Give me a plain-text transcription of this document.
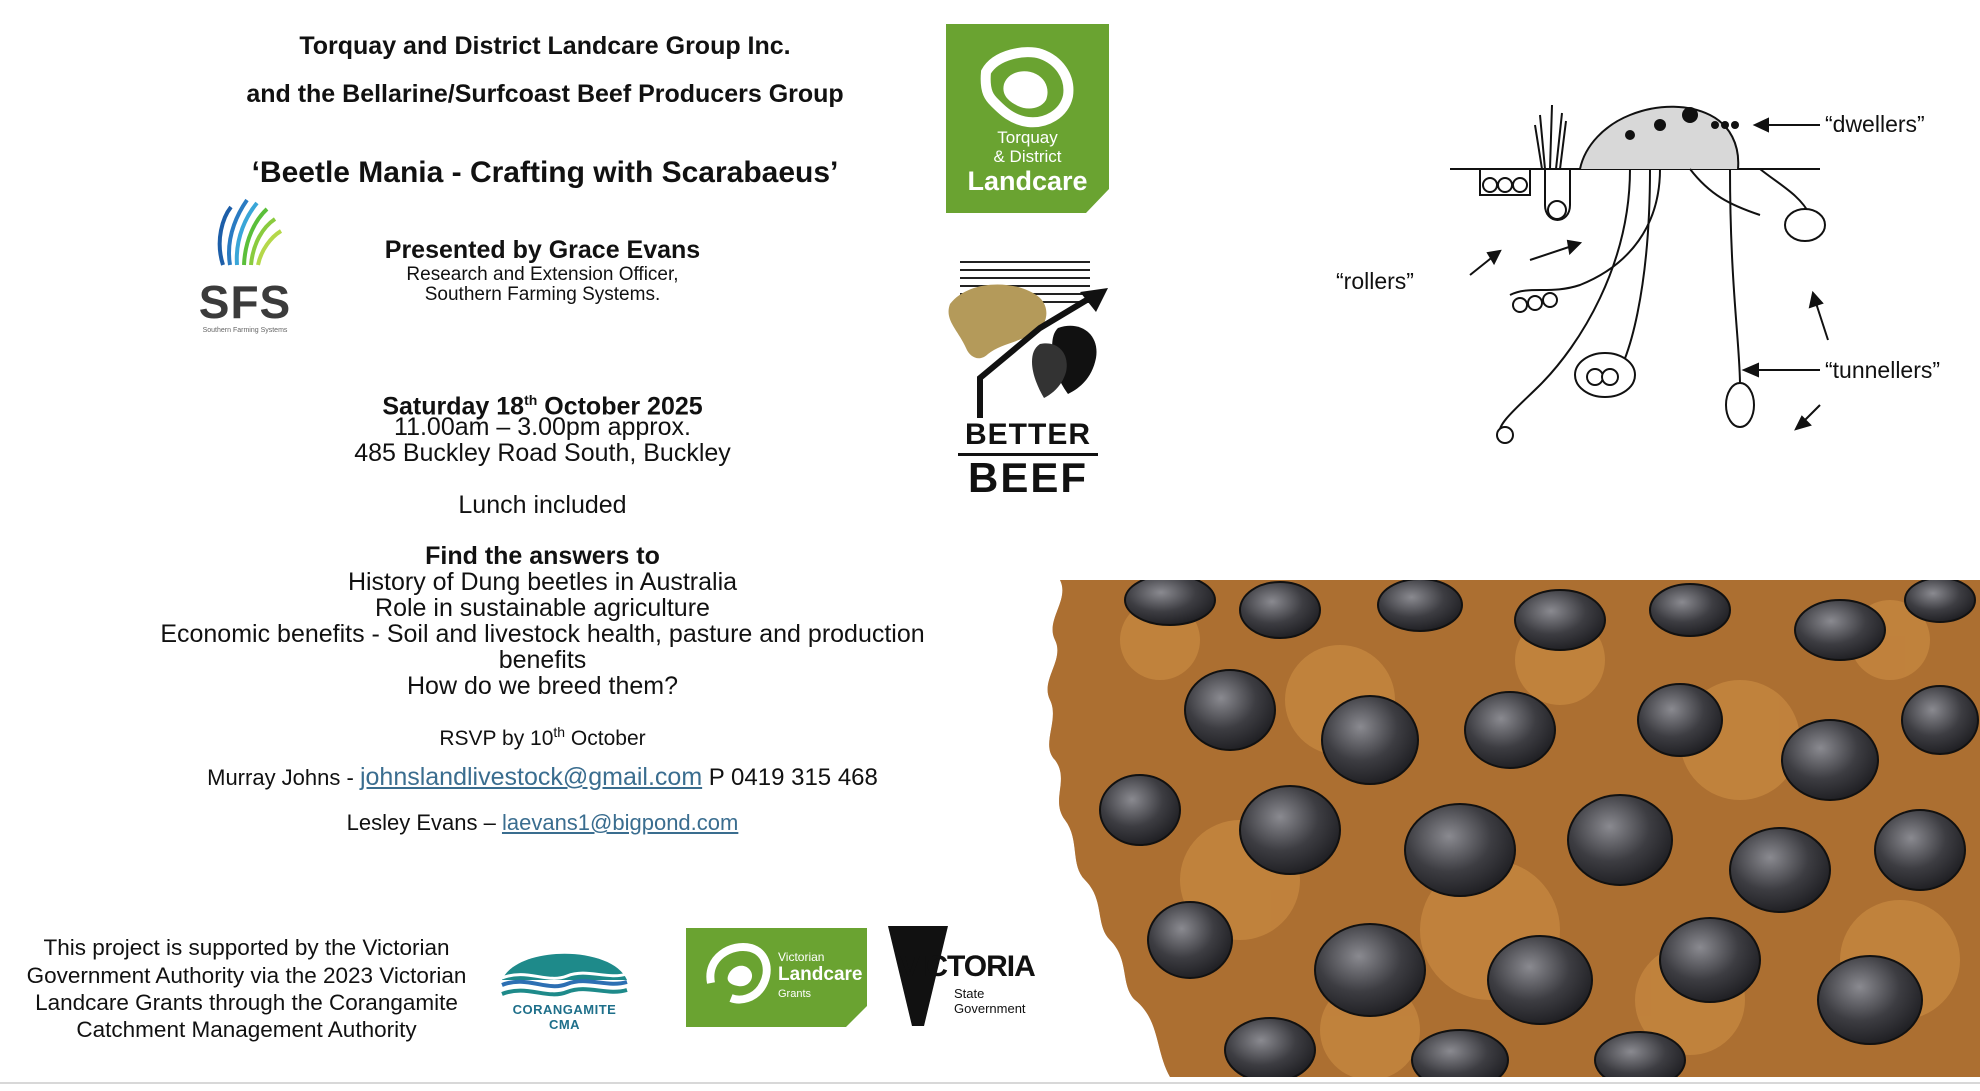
Torquay and District Landcare Group Inc.
and the Bellarine/Surfcoast Beef Producers Group
‘Beetle Mania - Crafting with Scarabaeus’
SFS
Southern Farming Systems
Presented by Grace Evans
Research and Extension Officer,
Southern Farming Systems.
Saturday 18th October 2025
11.00am – 3.00pm approx.
485 Buckley Road South, Buckley
Lunch included
Find the answers to
History of Dung beetles in Australia
Role in sustainable agriculture
Economic benefits - Soil and livestock health, pasture and production
benefits
How do we breed them?
RSVP by 10th October
Murray Johns - johnslandlivestock@gmail.com P 0419 315 468
Lesley Evans – laevans1@bigpond.com
Torquay
& District
Landcare
BETTER
BEEF
“dwellers”
“rollers”
“tunnellers”
This project is supported by the Victorian
Government Authority via the 2023 Victorian
Landcare Grants through the Corangamite
Catchment Management Authority
CORANGAMITE CMA
Victorian
Landcare
Grants
VICTORIA
State
Government
